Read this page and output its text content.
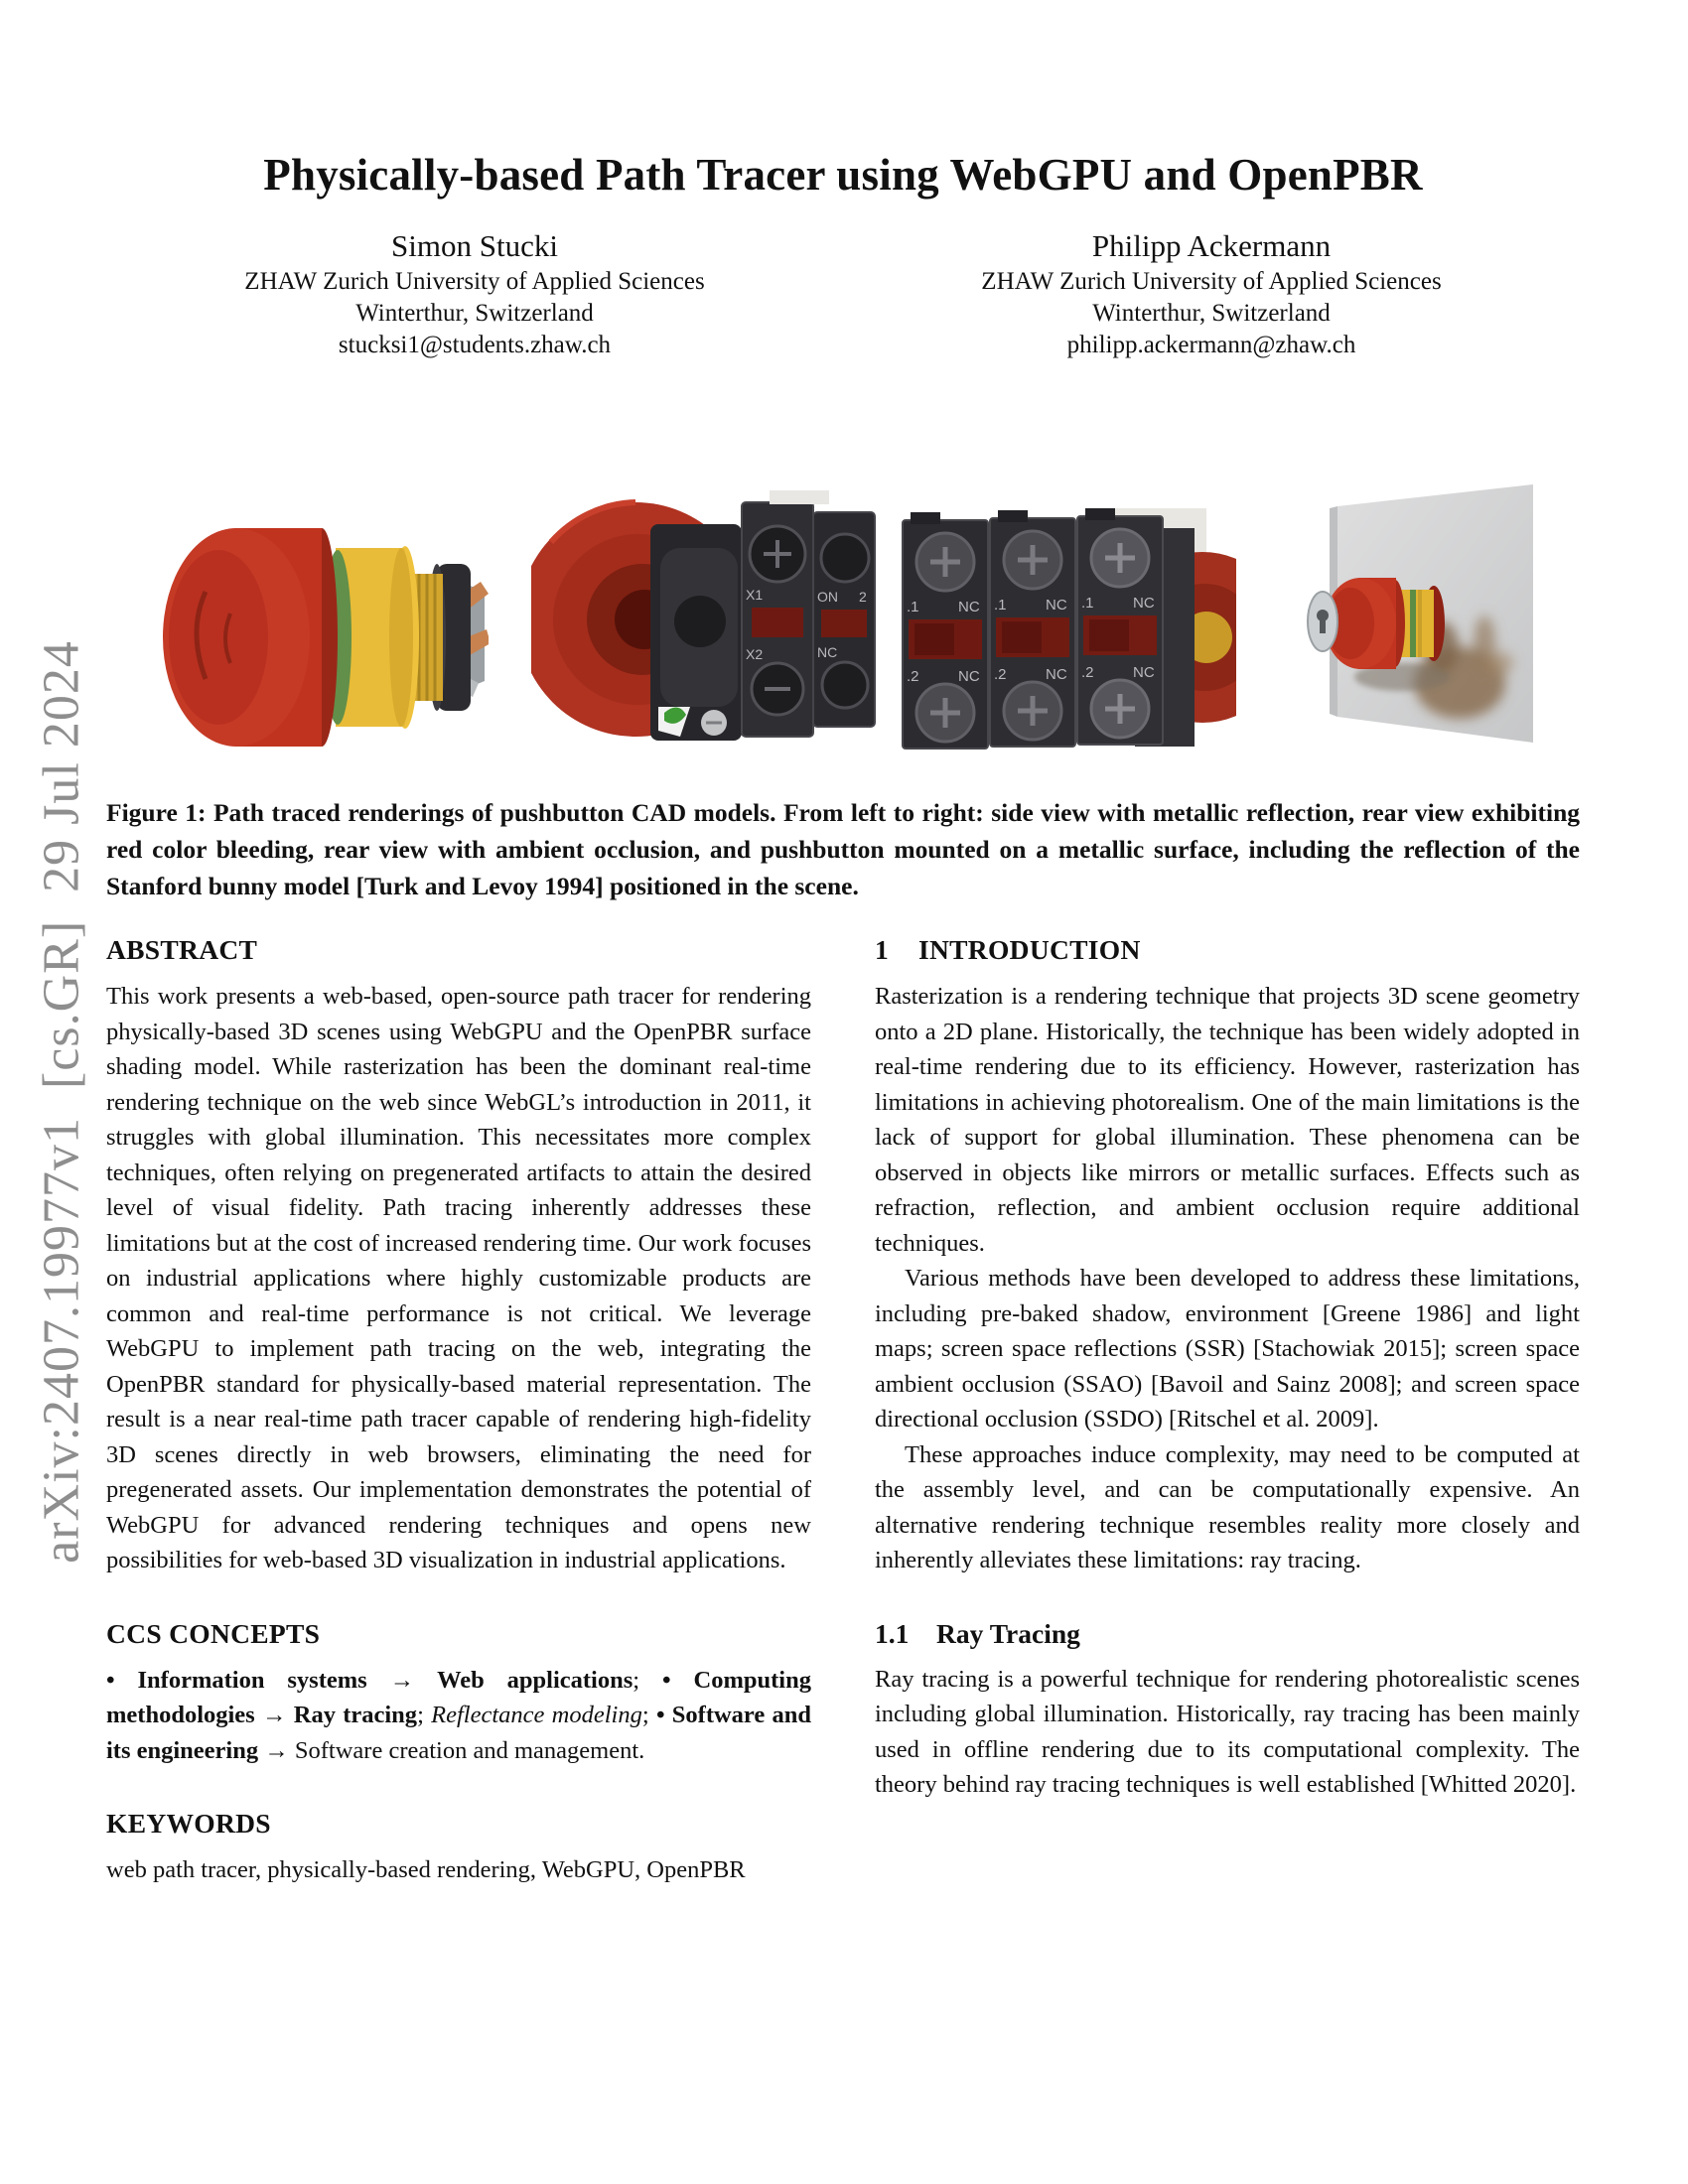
arXiv:2407.19977v1  [cs.GR]  29 Jul 2024
Physically-based Path Tracer using WebGPU and OpenPBR
Simon Stucki
ZHAW Zurich University of Applied Sciences
Winterthur, Switzerland
stucksi1@students.zhaw.ch
Philipp Ackermann
ZHAW Zurich University of Applied Sciences
Winterthur, Switzerland
philipp.ackermann@zhaw.ch
X1
X2
ON 2
NC
.1	NC
.2	NC
.1	NC
.2	NC
.1	NC
.2	NC
Figure 1: Path traced renderings of pushbutton CAD models. From left to right: side view with metallic reflection, rear view exhibiting red color bleeding, rear view with ambient occlusion, and pushbutton mounted on a metallic surface, including the reflection of the Stanford bunny model [Turk and Levoy 1994] positioned in the scene.
ABSTRACT

This work presents a web-based, open-source path tracer for rendering physically-based 3D scenes using WebGPU and the OpenPBR surface shading model. While rasterization has been the dominant real-time rendering technique on the web since WebGL’s introduction in 2011, it struggles with global illumination. This necessitates more complex techniques, often relying on pregenerated artifacts to attain the desired level of visual fidelity. Path tracing inherently addresses these limitations but at the cost of increased rendering time. Our work focuses on industrial applications where highly customizable products are common and real-time performance is not critical. We leverage WebGPU to implement path tracing on the web, integrating the OpenPBR standard for physically-based material representation. The result is a near real-time path tracer capable of rendering high-fidelity 3D scenes directly in web browsers, eliminating the need for pregenerated assets. Our implementation demonstrates the potential of WebGPU for advanced rendering techniques and opens new possibilities for web-based 3D visualization in industrial applications.

CCS CONCEPTS

• Information systems → Web applications; • Computing methodologies → Ray tracing; Reflectance modeling; • Software and its engineering → Software creation and management.

KEYWORDS

web path tracer, physically-based rendering, WebGPU, OpenPBR

1 INTRODUCTION

Rasterization is a rendering technique that projects 3D scene geometry onto a 2D plane. Historically, the technique has been widely adopted in real-time rendering due to its efficiency. However, rasterization has limitations in achieving photorealism. One of the main limitations is the lack of support for global illumination. These phenomena can be observed in objects like mirrors or metallic surfaces. Effects such as refraction, reflection, and ambient occlusion require additional techniques.

Various methods have been developed to address these limitations, including pre-baked shadow, environment [Greene 1986] and light maps; screen space reflections (SSR) [Stachowiak 2015]; screen space ambient occlusion (SSAO) [Bavoil and Sainz 2008]; and screen space directional occlusion (SSDO) [Ritschel et al. 2009].

These approaches induce complexity, may need to be computed at the assembly level, and can be computationally expensive. An alternative rendering technique resembles reality more closely and inherently alleviates these limitations: ray tracing.

1.1 Ray Tracing

Ray tracing is a powerful technique for rendering photorealistic scenes including global illumination. Historically, ray tracing has been mainly used in offline rendering due to its computational complexity. The theory behind ray tracing techniques is well established [Whitted 2020].
